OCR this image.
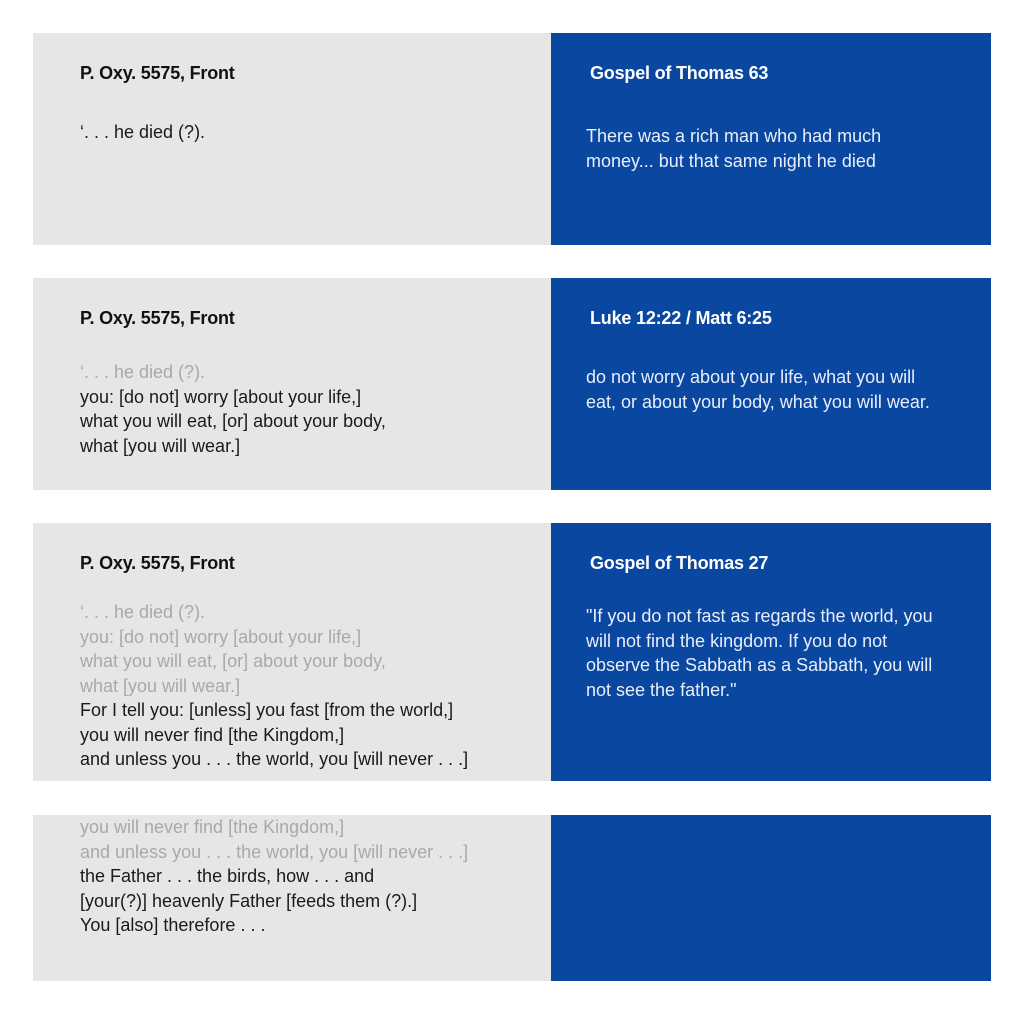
P. Oxy. 5575, Front
‘. . . he died (?).
Gospel of Thomas 63
There was a rich man who had much money... but that same night he died
P. Oxy. 5575, Front
‘. . . he died (?).
you: [do not] worry [about your life,]
what you will eat, [or] about your body,
what [you will wear.]
Luke 12:22 / Matt 6:25
do not worry about your life, what you will eat, or about your body, what you will wear.
P. Oxy. 5575, Front
‘. . . he died (?).
you: [do not] worry [about your life,]
what you will eat, [or] about your body,
what [you will wear.]
For I tell you: [unless] you fast [from the world,]
you will never find [the Kingdom,]
and unless you . . . the world, you [will never . . .]
Gospel of Thomas 27
"If you do not fast as regards the world, you will not find the kingdom. If you do not observe the Sabbath as a Sabbath, you will not see the father."
you will never find [the Kingdom,]
and unless you . . . the world, you [will never . . .]
the Father . . . the birds, how . . . and
[your(?)] heavenly Father [feeds them (?).]
You [also] therefore . . .
